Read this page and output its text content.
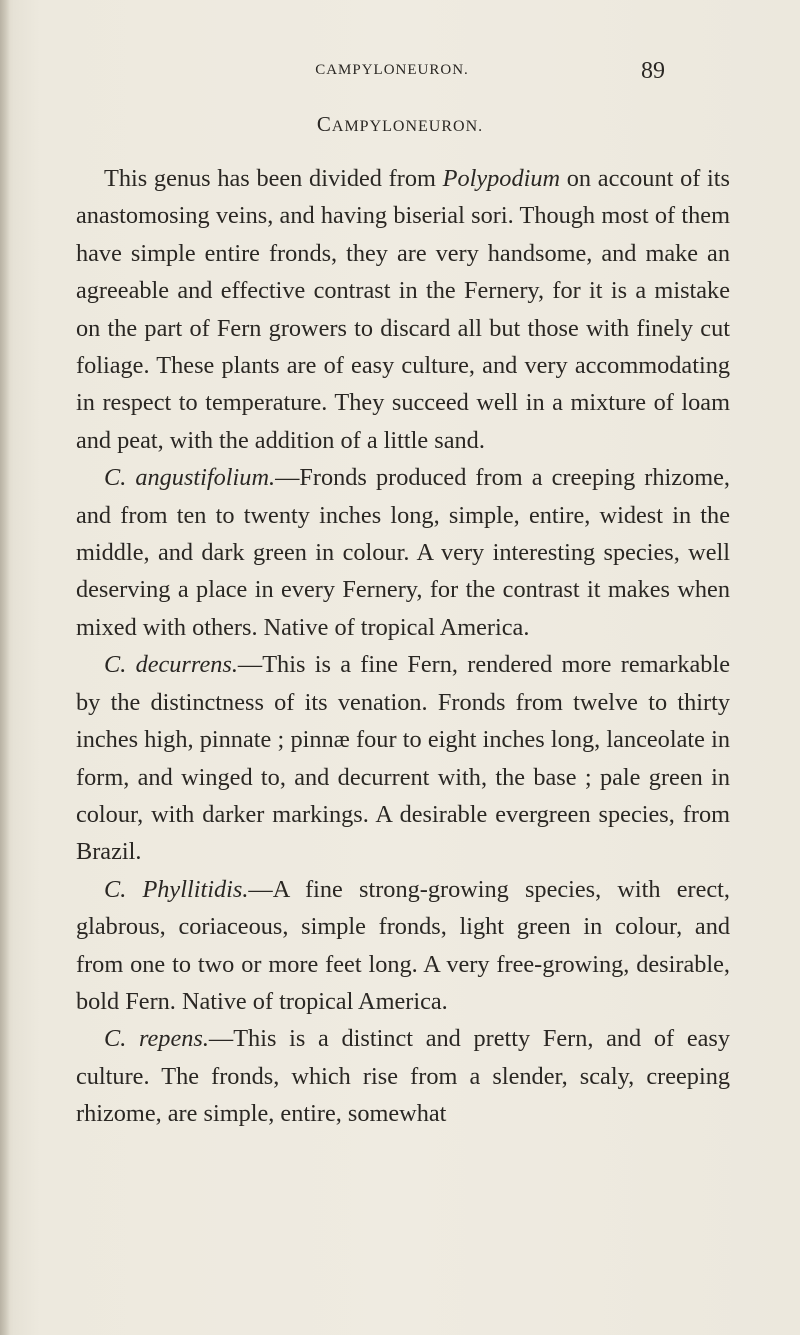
CAMPYLONEURON.	89
CAMPYLONEURON.

This genus has been divided from Polypodium on account of its anastomosing veins, and having biserial sori. Though most of them have simple entire fronds, they are very handsome, and make an agreeable and effective contrast in the Fernery, for it is a mistake on the part of Fern growers to discard all but those with finely cut foliage. These plants are of easy culture, and very accommodating in respect to temperature. They succeed well in a mixture of loam and peat, with the addition of a little sand.

C. angustifolium.—Fronds produced from a creeping rhizome, and from ten to twenty inches long, simple, entire, widest in the middle, and dark green in colour. A very interesting species, well deserving a place in every Fernery, for the contrast it makes when mixed with others. Native of tropical America.

C. decurrens.—This is a fine Fern, rendered more remarkable by the distinctness of its venation. Fronds from twelve to thirty inches high, pinnate ; pinnæ four to eight inches long, lanceolate in form, and winged to, and decurrent with, the base ; pale green in colour, with darker markings. A desirable evergreen species, from Brazil.

C. Phyllitidis.—A fine strong-growing species, with erect, glabrous, coriaceous, simple fronds, light green in colour, and from one to two or more feet long. A very free-growing, desirable, bold Fern. Native of tropical America.

C. repens.—This is a distinct and pretty Fern, and of easy culture. The fronds, which rise from a slender, scaly, creeping rhizome, are simple, entire, somewhat
